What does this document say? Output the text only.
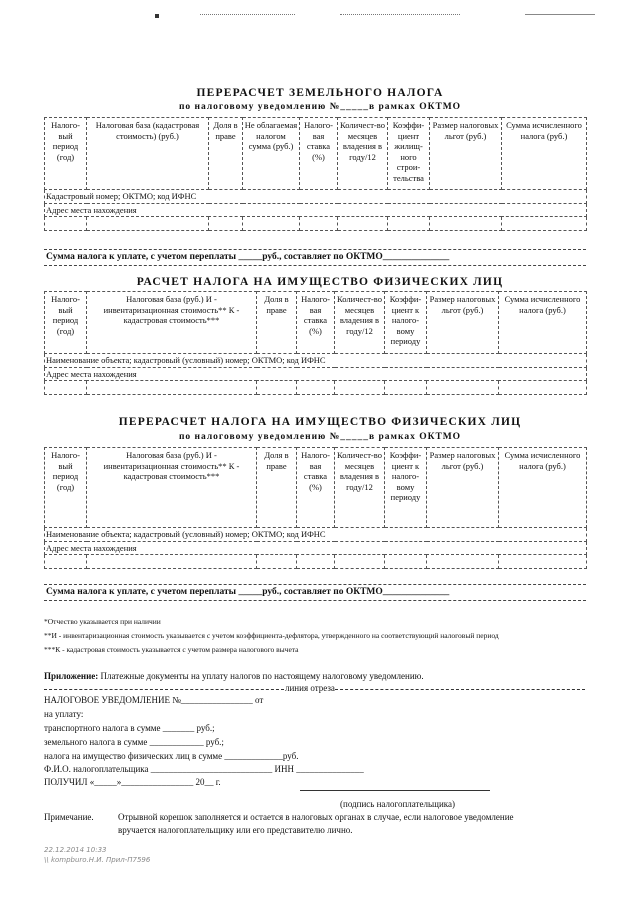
ПЕРЕРАСЧЕТ ЗЕМЕЛЬНОГО НАЛОГА
по налоговому уведомлению №_____в рамках ОКТМО
Налого-вый период (год)	Налоговая база (кадастровая стоимость) (руб.)	Доля в праве	Не облагаемая налогом сумма (руб.)	Налого-вая ставка (%)	Количест-во месяцев владения в году/12	Коэффи-циент жилищ-ного строи-тельства	Размер налоговых льгот (руб.)	Сумма исчисленного налога (руб.)
Кадастровый номер; ОКТМО; код ИФНС								
Адрес места нахождения								

Сумма налога к уплате, с учетом переплаты _____руб., составляет по ОКТМО______________
РАСЧЕТ НАЛОГА НА ИМУЩЕСТВО ФИЗИЧЕСКИХ ЛИЦ
Налого-вый период (год)	Налоговая база (руб.) И - инвентаризационная стоимость** К - кадастровая стоимость***	Доля в праве	Налого-вая ставка (%)	Количест-во месяцев владения в году/12	Коэффи-циент к налого-вому периоду	Размер налоговых льгот (руб.)	Сумма исчисленного налога (руб.)
Наименование объекта; кадастровый (условный) номер; ОКТМО; код ИФНС							
Адрес места нахождения							

ПЕРЕРАСЧЕТ НАЛОГА НА ИМУЩЕСТВО ФИЗИЧЕСКИХ ЛИЦ
по налоговому уведомлению №_____в рамках ОКТМО
Налого-вый период (год)	Налоговая база (руб.) И - инвентаризационная стоимость** К - кадастровая стоимость***	Доля в праве	Налого-вая ставка (%)	Количест-во месяцев владения в году/12	Коэффи-циент к налого-вому периоду	Размер налоговых льгот (руб.)	Сумма исчисленного налога (руб.)
Наименование объекта; кадастровый (условный) номер; ОКТМО; код ИФНС							
Адрес места нахождения							

Сумма налога к уплате, с учетом переплаты _____руб., составляет по ОКТМО______________
*Отчество указывается при наличии
**И - инвентаризационная стоимость указывается с учетом коэффициента-дефлятора, утвержденного на соответствующий налоговый период
***К - кадастровая стоимость указывается с учетом размера налогового вычета
Приложение: Платежные документы на уплату налогов по настоящему налоговому уведомлению.
линия отреза
НАЛОГОВОЕ УВЕДОМЛЕНИЕ №________________ от
на уплату:
транспортного налога в сумме _______ руб.;
земельного налога в сумме ____________ руб.;
налога на имущество физических лиц в сумме _____________руб.
Ф.И.О. налогоплательщика ___________________________ ИНН _______________
ПОЛУЧИЛ «_____»________________ 20__ г.
(подпись налогоплательщика)
Примечание.	Отрывной корешок заполняется и остается в налоговых органах в случае, если налоговое уведомление
вручается налогоплательщику или его представителю лично.
22.12.2014 10:33
\\ kompburo.H.И. Прил-П7596
